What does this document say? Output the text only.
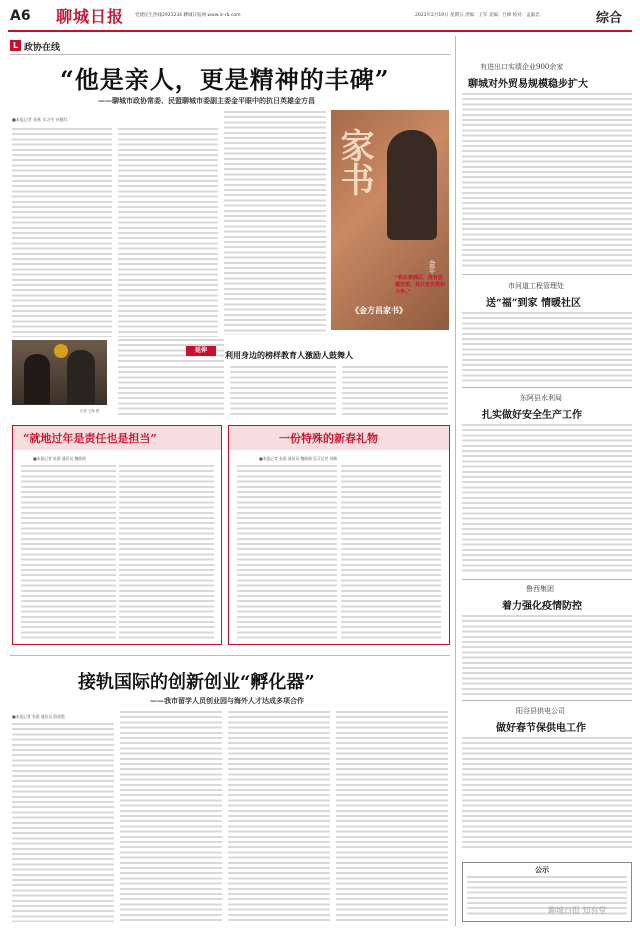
A6 聊城日报 党建民生热线2921234 聊城日报网 www.lc-rb.com	2021年2月19日 星期五 责编：王军 美编：吕峰 校对：孟毅忠	综合
L 政协在线
“他是亲人，更是精神的丰碑”
——聊城市政协常委、民盟聊城市委副主委金平眼中的抗日英雄金方昌
■本报记者 张燕 实习生 孙继红
家书
金平
《金方昌家书》
“我在被捕后，没有丝毫恐惧，我只有仇恨和斗争。”
记者 王海 摄
延伸	利用身边的榜样教育人激励人鼓舞人
“就地过年是责任也是担当”
■本报记者 张燕 通讯员 魏晓刚
一份特殊的新春礼物
■本报记者 张燕 通讯员 魏晓刚 见习记者 刘琳
接轨国际的创新创业“孵化器”
——我市留学人员创业园与海外人才达成多项合作
■本报记者 张燕 通讯员 薛晨霞
有进出口实绩企业900余家
聊城对外贸易规模稳步扩大
市河道工程管理处
送“福”到家 情暖社区
东阿县水利局
扎实做好安全生产工作
鲁西集团
着力强化疫情防控
阳谷县供电公司
做好春节保供电工作
公示
聊城日报 知有堂
